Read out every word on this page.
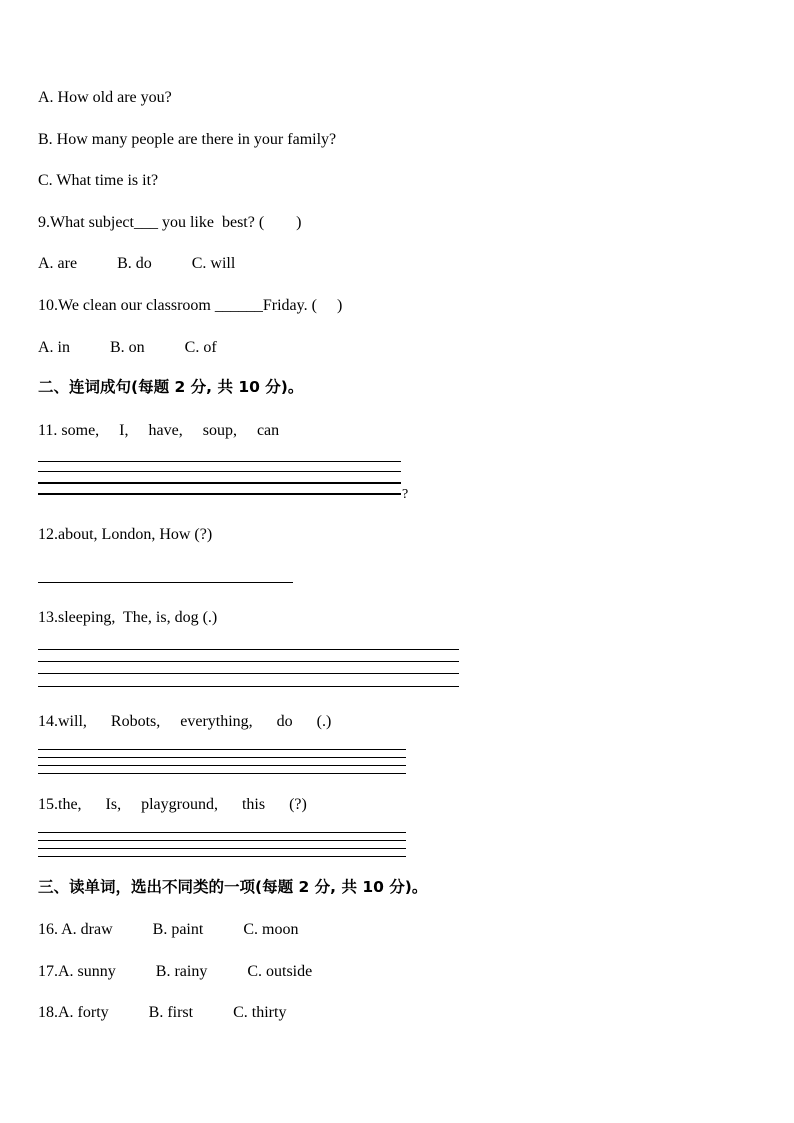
A. How old are you?
B. How many people are there in your family?
C. What time is it?
9.What subject___ you like  best? (        )
A. are          B. do          C. will
10.We clean our classroom ______Friday. (     )
A. in          B. on          C. of
二、连词成句(每题 2 分, 共 10 分)。
11. some,     I,     have,     soup,     can
?
12.about, London, How (?)
13.sleeping,  The, is, dog (.)
14.will,      Robots,     everything,      do      (.)
15.the,      Is,     playground,      this      (?)
三、读单词，选出不同类的一项(每题 2 分, 共 10 分)。
16. A. draw          B. paint          C. moon
17.A. sunny          B. rainy          C. outside
18.A. forty          B. first          C. thirty
